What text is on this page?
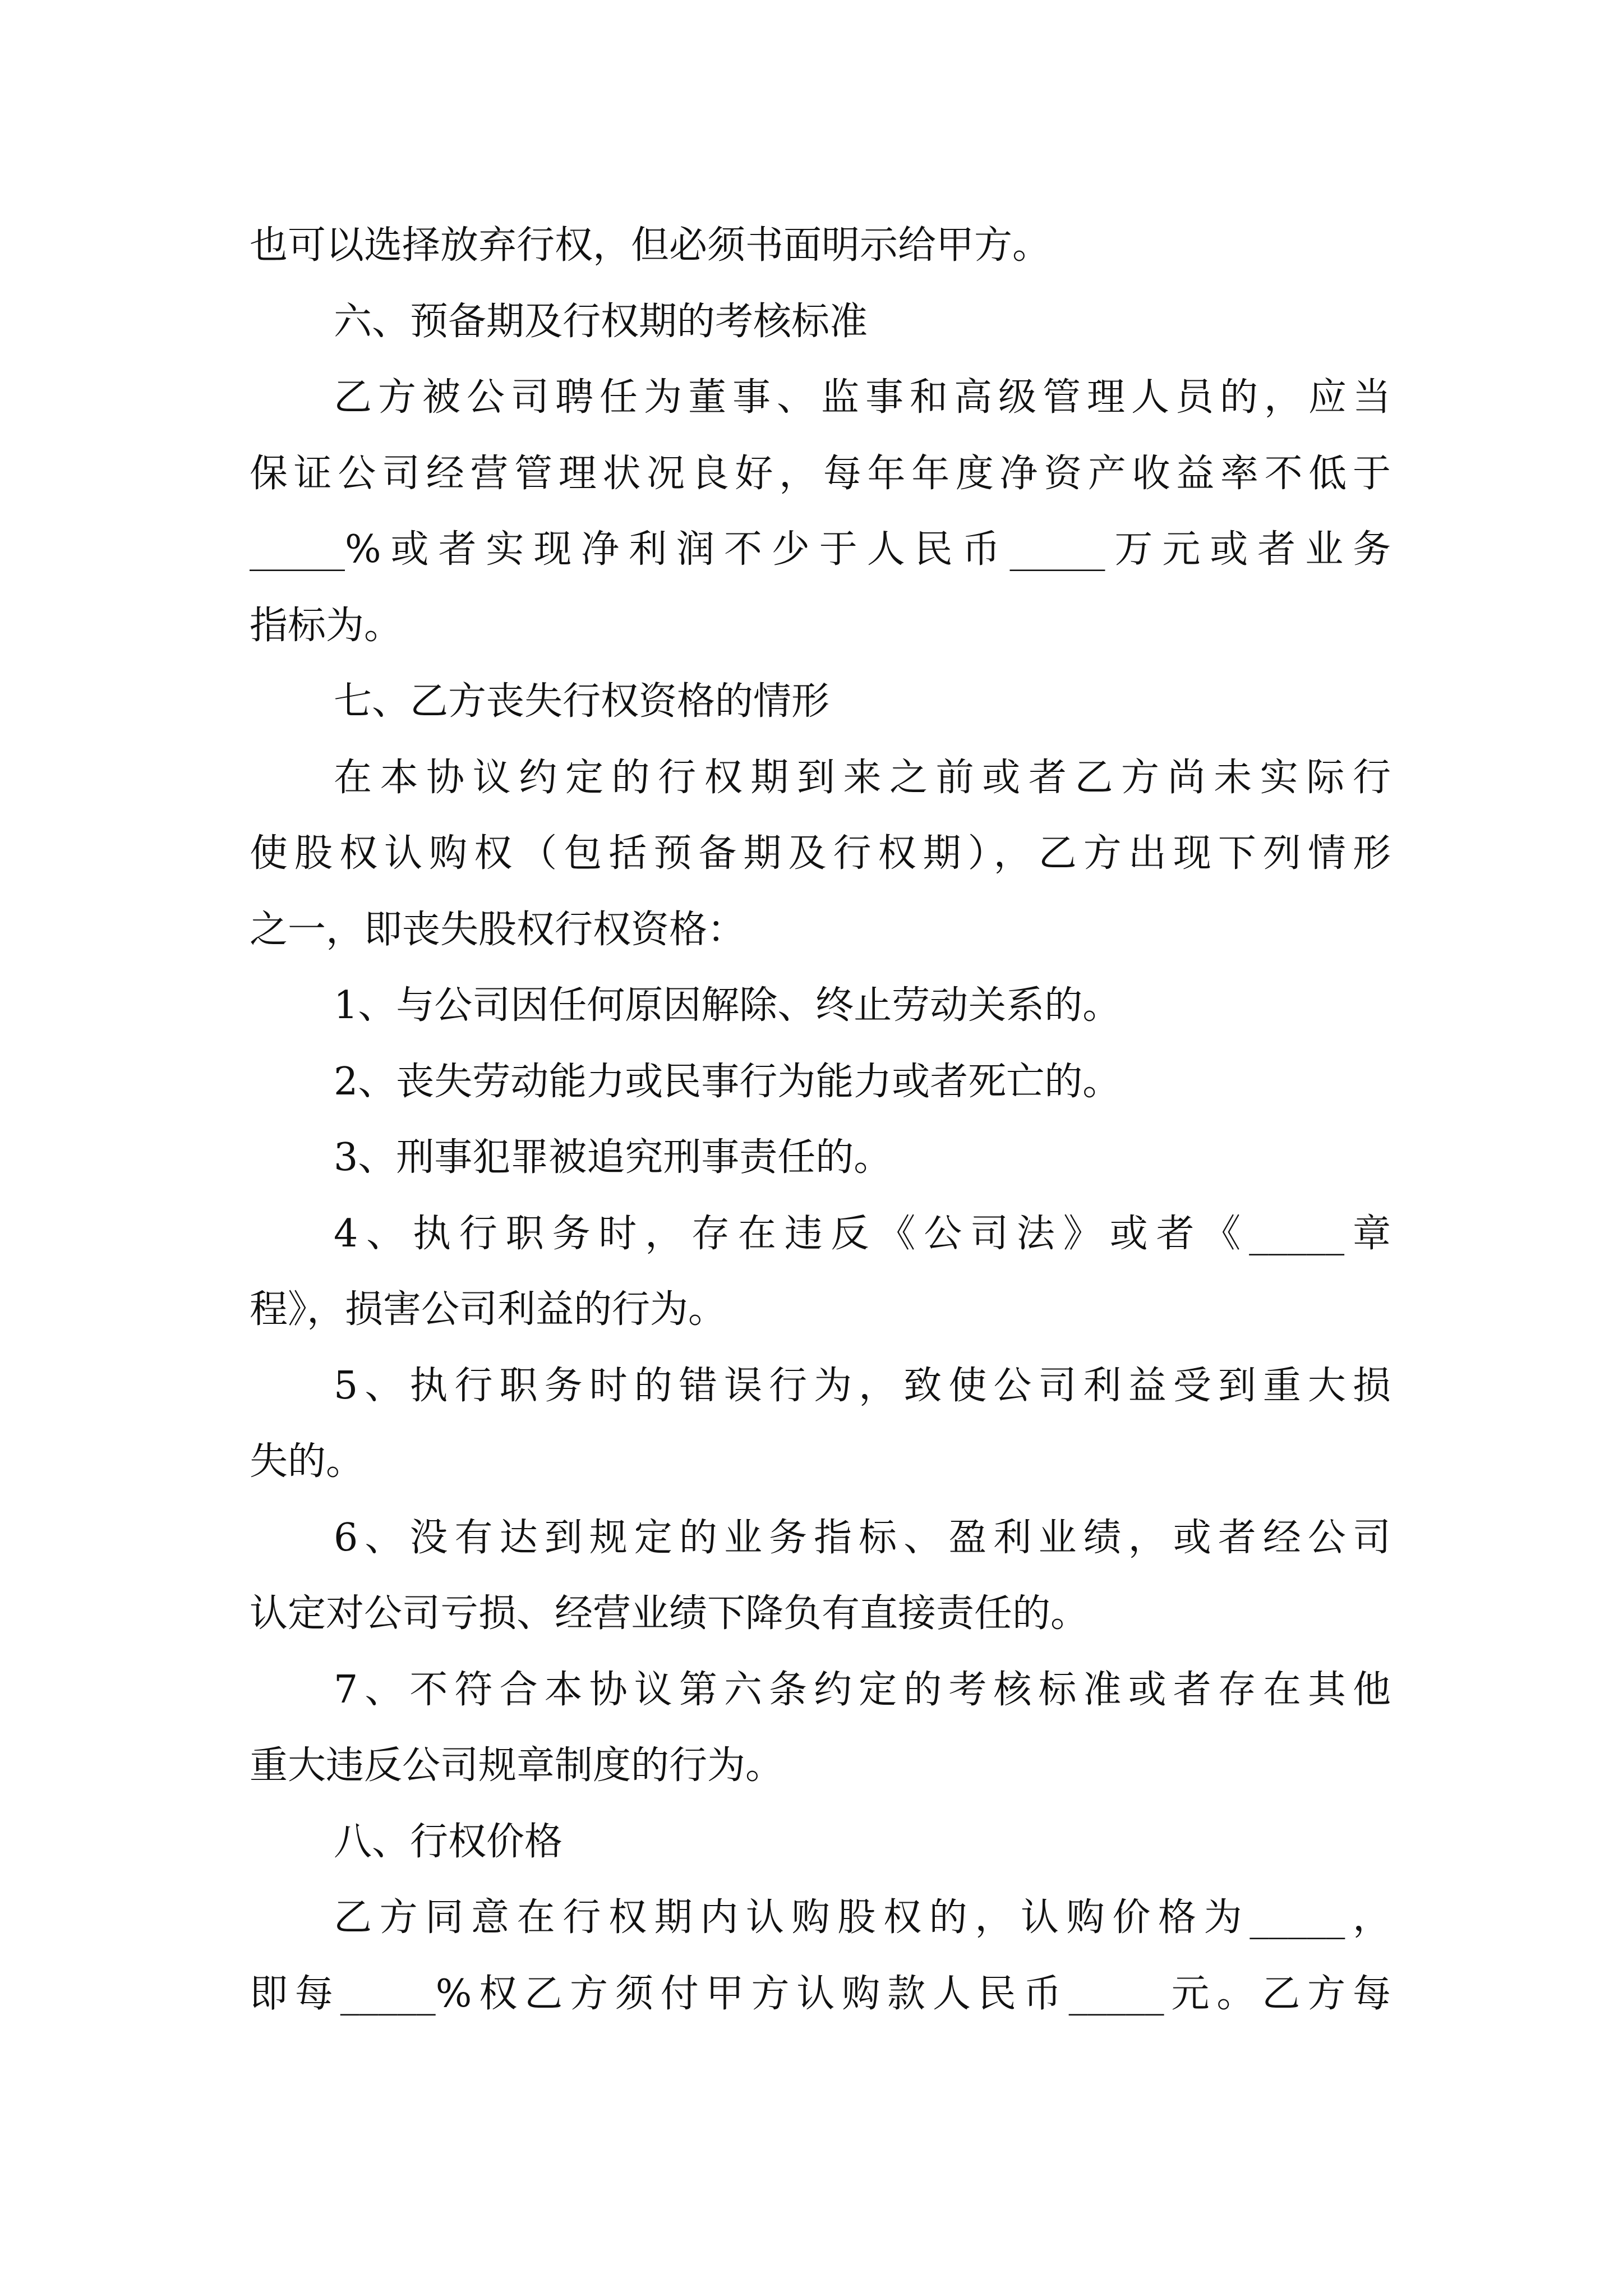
也可以选择放弃行权，但必须书面明示给甲方。
六、预备期及行权期的考核标准
乙方被公司聘任为董事、监事和高级管理人员的，应当
保证公司经营管理状况良好，每年年度净资产收益率不低于
_____%或者实现净利润不少于人民币_____万元或者业务
指标为。
七、乙方丧失行权资格的情形
在本协议约定的行权期到来之前或者乙方尚未实际行
使股权认购权（包括预备期及行权期），乙方出现下列情形
之一，即丧失股权行权资格：
1、与公司因任何原因解除、终止劳动关系的。
2、丧失劳动能力或民事行为能力或者死亡的。
3、刑事犯罪被追究刑事责任的。
4、执行职务时，存在违反《公司法》或者《_____章
程》，损害公司利益的行为。
5、执行职务时的错误行为，致使公司利益受到重大损
失的。
6、没有达到规定的业务指标、盈利业绩，或者经公司
认定对公司亏损、经营业绩下降负有直接责任的。
7、不符合本协议第六条约定的考核标准或者存在其他
重大违反公司规章制度的行为。
八、行权价格
乙方同意在行权期内认购股权的，认购价格为_____，
即每_____%权乙方须付甲方认购款人民币_____元。乙方每
